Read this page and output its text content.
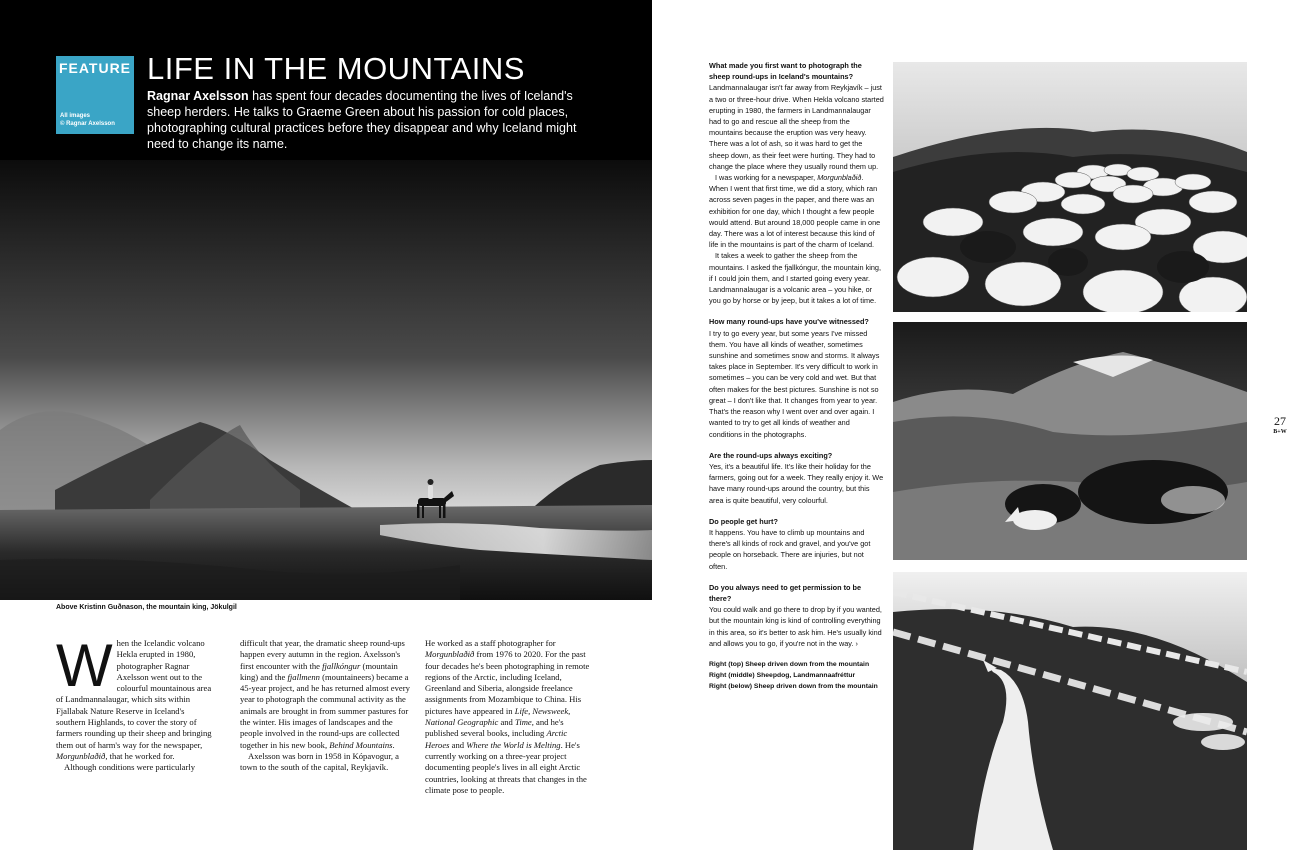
FEATURE
All images
© Ragnar Axelsson
LIFE IN THE MOUNTAINS

Ragnar Axelsson has spent four decades documenting the lives of Iceland's sheep herders. He talks to Graeme Green about his passion for cold places, photographing cultural practices before they disappear and why Iceland might need to change its name.

Above Kristinn Guðnason, the mountain king, Jökulgil
W hen the Icelandic volcano Hekla erupted in 1980, photographer Ragnar Axelsson went out to the colourful mountainous area of Landmannalaugar, which sits within Fjallabak Nature Reserve in Iceland's southern Highlands, to cover the story of farmers rounding up their sheep and bringing them out of harm's way for the newspaper, Morgunblaðið, that he worked for.

Although conditions were particularly

difficult that year, the dramatic sheep round-ups happen every autumn in the region. Axelsson's first encounter with the fjallkóngur (mountain king) and the fjallmenn (mountaineers) became a 45-year project, and he has returned almost every year to photograph the communal activity as the animals are brought in from summer pastures for the winter. His images of landscapes and the people involved in the round-ups are collected together in his new book, Behind Mountains.

Axelsson was born in 1958 in Kópavogur, a town to the south of the capital, Reykjavík.

He worked as a staff photographer for Morgunblaðið from 1976 to 2020. For the past four decades he's been photographing in remote regions of the Arctic, including Iceland, Greenland and Siberia, alongside freelance assignments from Mozambique to China. His pictures have appeared in Life, Newsweek, National Geographic and Time, and he's published several books, including Arctic Heroes and Where the World is Melting. He's currently working on a three-year project documenting people's lives in all eight Arctic countries, looking at threats that changes in the climate pose to people.

What made you first want to photograph the sheep round-ups in Iceland's mountains?

Landmannalaugar isn't far away from Reykjavík – just a two or three-hour drive. When Hekla volcano started erupting in 1980, the farmers in Landmannalaugar had to go and rescue all the sheep from the mountains because the eruption was very heavy. There was a lot of ash, so it was hard to get the sheep down, as their feet were hurting. They had to change the place where they usually round them up.

I was working for a newspaper, Morgunblaðið. When I went that first time, we did a story, which ran across seven pages in the paper, and there was an exhibition for one day, which I thought a few people would attend. But around 18,000 people came in one day. There was a lot of interest because this kind of life in the mountains is part of the charm of Iceland.

It takes a week to gather the sheep from the mountains. I asked the fjallkóngur, the mountain king, if I could join them, and I started going every year. Landmannalaugar is a volcanic area – you hike, or you go by horse or by jeep, but it takes a lot of time.

How many round-ups have you've witnessed?

I try to go every year, but some years I've missed them. You have all kinds of weather, sometimes sunshine and sometimes snow and storms. It always takes place in September. It's very difficult to work in sometimes – you can be very cold and wet. But that often makes for the best pictures. Sunshine is not so great – I don't like that. It changes from year to year. That's the reason why I went over and over again. I wanted to try to get all kinds of weather and conditions in the photographs.

Are the round-ups always exciting?

Yes, it's a beautiful life. It's like their holiday for the farmers, going out for a week. They really enjoy it. We have many round-ups around the country, but this area is quite beautiful, very colourful.

Do people get hurt?

It happens. You have to climb up mountains and there's all kinds of rock and gravel, and you've got people on horseback. There are injuries, but not often.

Do you always need to get permission to be there?

You could walk and go there to drop by if you wanted, but the mountain king is kind of controlling everything in this area, so it's better to ask him. He's usually kind and allows you to go, if you're not in the way. ›

Right (top) Sheep driven down from the mountain

Right (middle) Sheepdog, Landmannaafréttur

Right (below) Sheep driven down from the mountain

27
B+W
